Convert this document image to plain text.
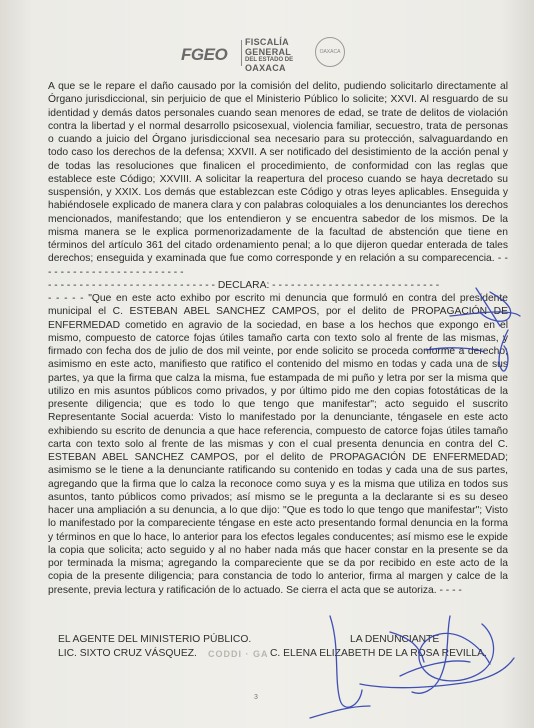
FGEO
FISCALÍA
GENERAL
DEL ESTADO DE
OAXACA
OAXACA

A que se le repare el daño causado por la comisión del delito, pudiendo solicitarlo directamente al Órgano jurisdiccional, sin perjuicio de que el Ministerio Público lo solicite; XXVI. Al resguardo de su identidad y demás datos personales cuando sean menores de edad, se trate de delitos de violación contra la libertad y el normal desarrollo psicosexual, violencia familiar, secuestro, trata de personas o cuando a juicio del Órgano jurisdiccional sea necesario para su protección, salvaguardando en todo caso los derechos de la defensa; XXVII. A ser notificado del desistimiento de la acción penal y de todas las resoluciones que finalicen el procedimiento, de conformidad con las reglas que establece este Código; XXVIII. A solicitar la reapertura del proceso cuando se haya decretado su suspensión, y XXIX. Los demás que establezcan este Código y otras leyes aplicables. Enseguida y habiéndosele explicado de manera clara y con palabras coloquiales a los denunciantes los derechos mencionados, manifestando; que los entendieron y se encuentra sabedor de los mismos. De la misma manera se le explica pormenorizadamente de la facultad de abstención que tiene en términos del artículo 361 del citado ordenamiento penal; a lo que dijeron quedar enterada de tales derechos; enseguida y examinada que fue como corresponde y en relación a su comparecencia. - - - - - - - - - - - - - - - - - - - - - - - -

- - - - - - - - - - - - - - - - - - - - - - - - - - - DECLARA: - - - - - - - - - - - - - - - - - - - - - - - - - - -

- - - - - "Que en este acto exhibo por escrito mi denuncia que formuló en contra del presidente municipal el C. ESTEBAN ABEL SANCHEZ CAMPOS, por el delito de PROPAGACIÓN DE ENFERMEDAD cometido en agravio de la sociedad, en base a los hechos que expongo en el mismo, compuesto de catorce fojas útiles tamaño carta con texto solo al frente de las mismas, y firmado con fecha dos de julio de dos mil veinte, por ende solicito se proceda conforme a derecho; asimismo en este acto, manifiesto que ratifico el contenido del mismo en todas y cada una de sus partes, ya que la firma que calza la misma, fue estampada de mi puño y letra por ser la misma que utilizo en mis asuntos públicos como privados, y por último pido me den copias fotostáticas de la presente diligencia; que es todo lo que tengo que manifestar"; acto seguido el suscrito Representante Social acuerda: Visto lo manifestado por la denunciante, téngasele en este acto exhibiendo su escrito de denuncia a que hace referencia, compuesto de catorce fojas útiles tamaño carta con texto solo al frente de las mismas y con el cual presenta denuncia en contra del C. ESTEBAN ABEL SANCHEZ CAMPOS, por el delito de PROPAGACIÓN DE ENFERMEDAD; asimismo se le tiene a la denunciante ratificando su contenido en todas y cada una de sus partes, agregando que la firma que lo calza la reconoce como suya y es la misma que utiliza en todos sus asuntos, tanto públicos como privados; así mismo se le pregunta a la declarante si es su deseo hacer una ampliación a su denuncia, a lo que dijo: "Que es todo lo que tengo que manifestar"; Visto lo manifestado por la compareciente téngase en este acto presentando formal denuncia en la forma y términos en que lo hace, lo anterior para los efectos legales conducentes; así mismo ese le expide la copia que solicita; acto seguido y al no haber nada más que hacer constar en la presente se da por terminada la misma; agregando la compareciente que se da por recibido en este acto de la copia de la presente diligencia; para constancia de todo lo anterior, firma al margen y calce de la presente, previa lectura y ratificación de lo actuado. Se cierra el acta que se autoriza. - - - -

EL AGENTE DEL MINISTERIO PÚBLICO.	LA DENUNCIANTE
LIC. SIXTO CRUZ VÁSQUEZ.	C. ELENA ELIZABETH DE LA ROSA REVILLA.
CODDI · GA
3
